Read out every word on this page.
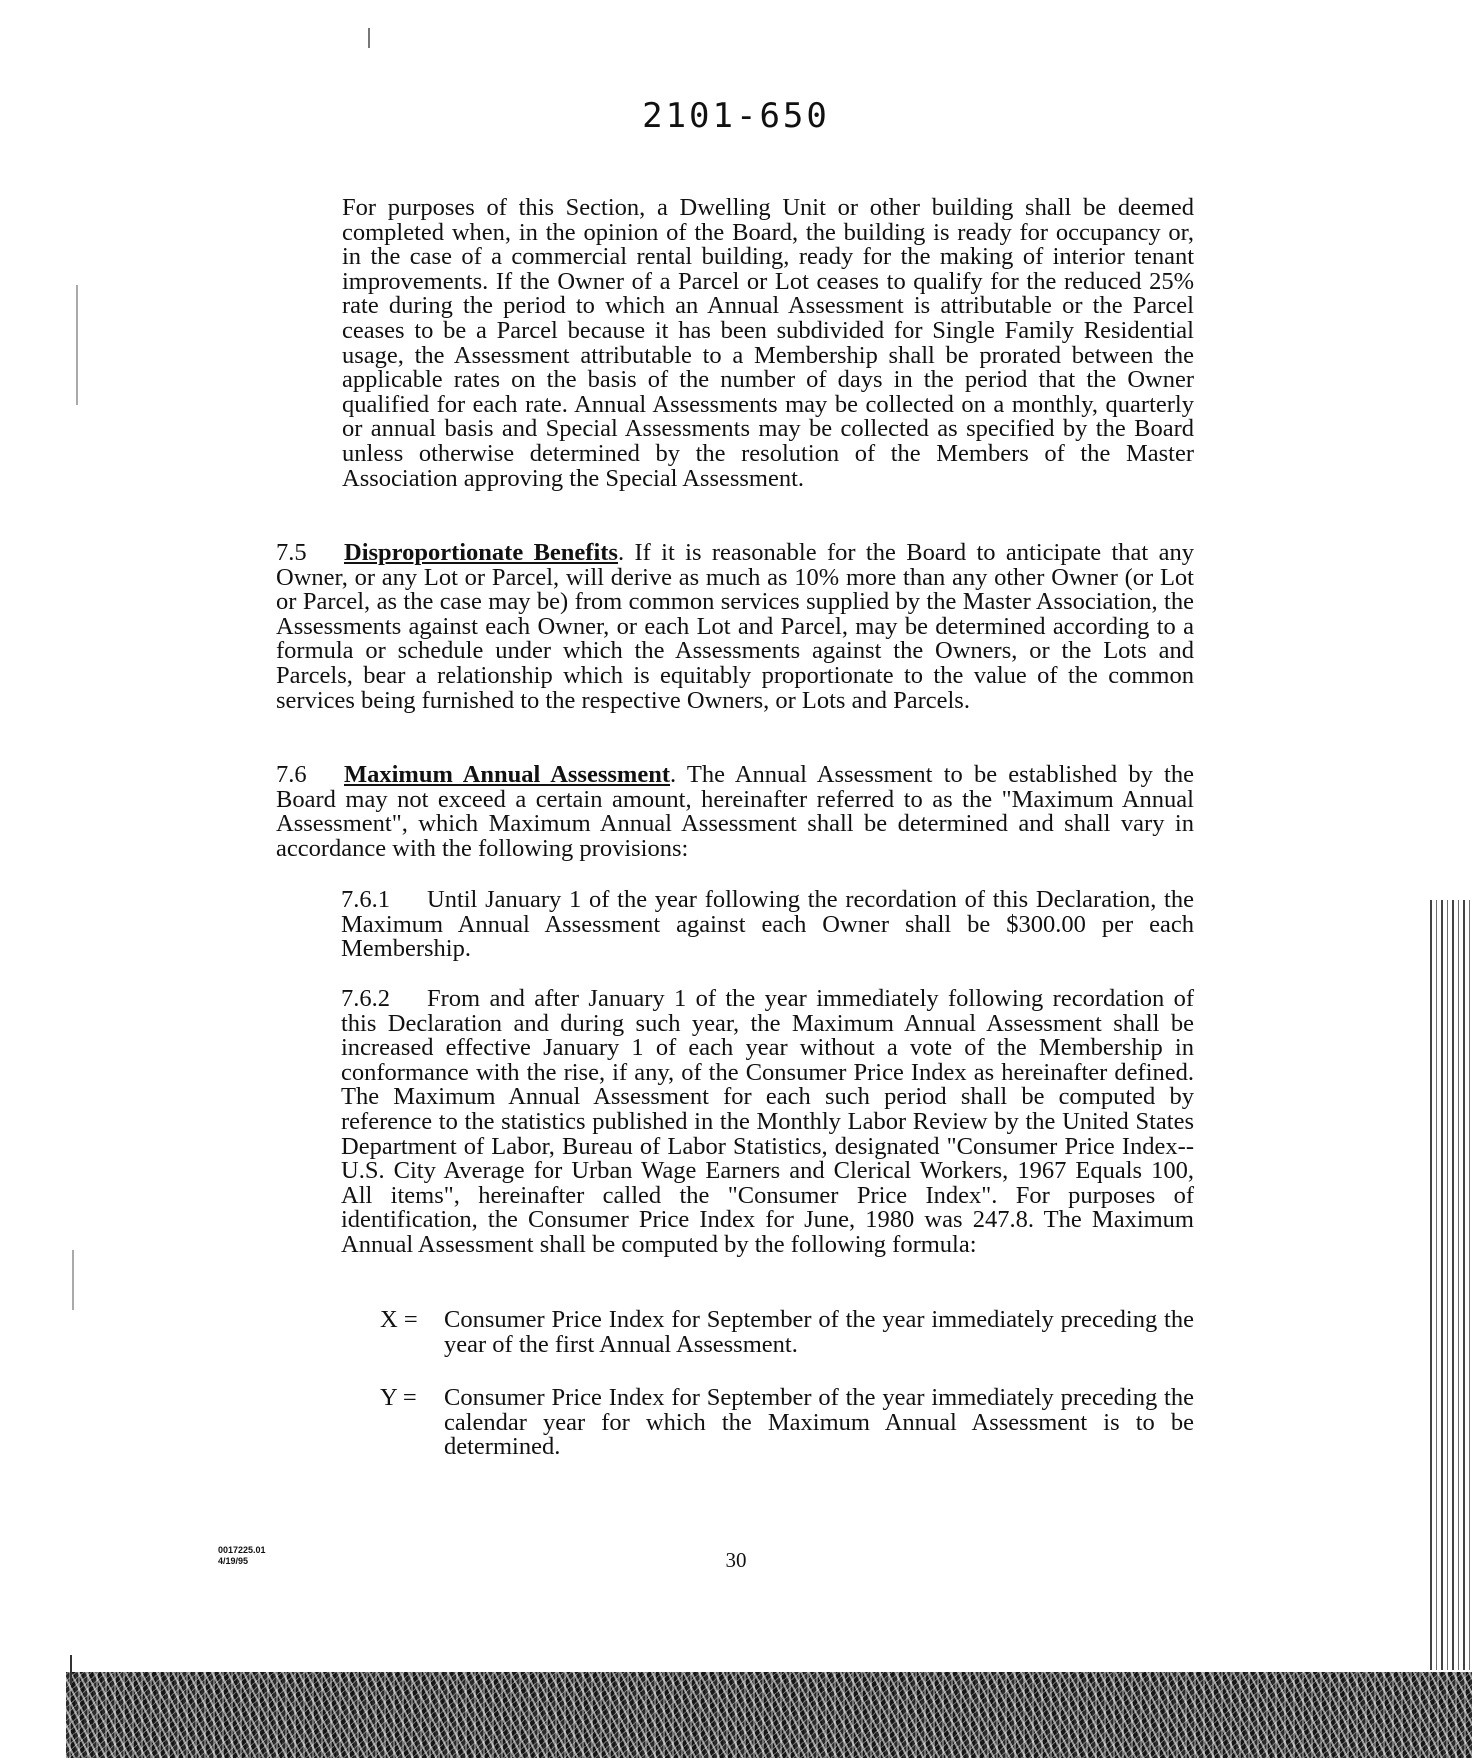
2101-650

For purposes of this Section, a Dwelling Unit or other building shall be deemed completed when, in the opinion of the Board, the building is ready for occupancy or, in the case of a commercial rental building, ready for the making of interior tenant improvements. If the Owner of a Parcel or Lot ceases to qualify for the reduced 25% rate during the period to which an Annual Assessment is attributable or the Parcel ceases to be a Parcel because it has been subdivided for Single Family Residential usage, the Assessment attributable to a Membership shall be prorated between the applicable rates on the basis of the number of days in the period that the Owner qualified for each rate. Annual Assessments may be collected on a monthly, quarterly or annual basis and Special Assessments may be collected as specified by the Board unless otherwise determined by the resolution of the Members of the Master Association approving the Special Assessment.

7.5 Disproportionate Benefits. If it is reasonable for the Board to anticipate that any Owner, or any Lot or Parcel, will derive as much as 10% more than any other Owner (or Lot or Parcel, as the case may be) from common services supplied by the Master Association, the Assessments against each Owner, or each Lot and Parcel, may be determined according to a formula or schedule under which the Assessments against the Owners, or the Lots and Parcels, bear a relationship which is equitably proportionate to the value of the common services being furnished to the respective Owners, or Lots and Parcels.

7.6 Maximum Annual Assessment. The Annual Assessment to be established by the Board may not exceed a certain amount, hereinafter referred to as the "Maximum Annual Assessment", which Maximum Annual Assessment shall be determined and shall vary in accordance with the following provisions:

7.6.1 Until January 1 of the year following the recordation of this Declaration, the Maximum Annual Assessment against each Owner shall be $300.00 per each Membership.

7.6.2 From and after January 1 of the year immediately following recordation of this Declaration and during such year, the Maximum Annual Assessment shall be increased effective January 1 of each year without a vote of the Membership in conformance with the rise, if any, of the Consumer Price Index as hereinafter defined. The Maximum Annual Assessment for each such period shall be computed by reference to the statistics published in the Monthly Labor Review by the United States Department of Labor, Bureau of Labor Statistics, designated "Consumer Price Index--U.S. City Average for Urban Wage Earners and Clerical Workers, 1967 Equals 100, All items", hereinafter called the "Consumer Price Index". For purposes of identification, the Consumer Price Index for June, 1980 was 247.8. The Maximum Annual Assessment shall be computed by the following formula:

X = Consumer Price Index for September of the year immediately preceding the year of the first Annual Assessment.

Y = Consumer Price Index for September of the year immediately preceding the calendar year for which the Maximum Annual Assessment is to be determined.

0017225.01
4/19/95	30
